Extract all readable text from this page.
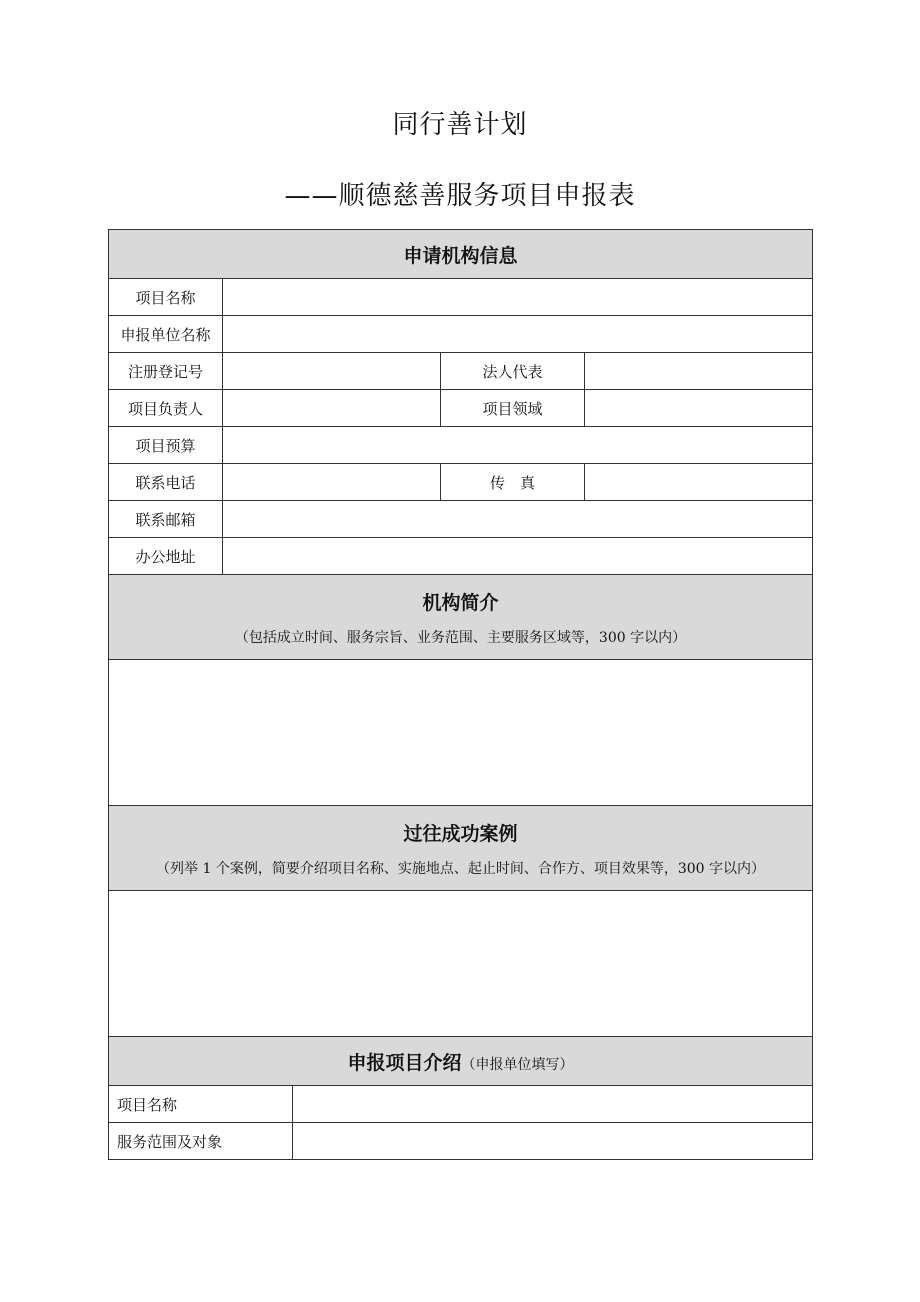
同行善计划
——顺德慈善服务项目申报表
申请机构信息				
项目名称				
申报单位名称				
注册登记号			法人代表	
项目负责人			项目领域	
项目预算				
联系电话			传　真	
联系邮箱				
办公地址				

机构简介
（包括成立时间、服务宗旨、业务范围、主要服务区域等，300 字以内）				

过往成功案例
（列举 1 个案例，简要介绍项目名称、实施地点、起止时间、合作方、项目效果等，300 字以内）				

申报项目介绍（申报单位填写）				
项目名称				
服务范围及对象				
